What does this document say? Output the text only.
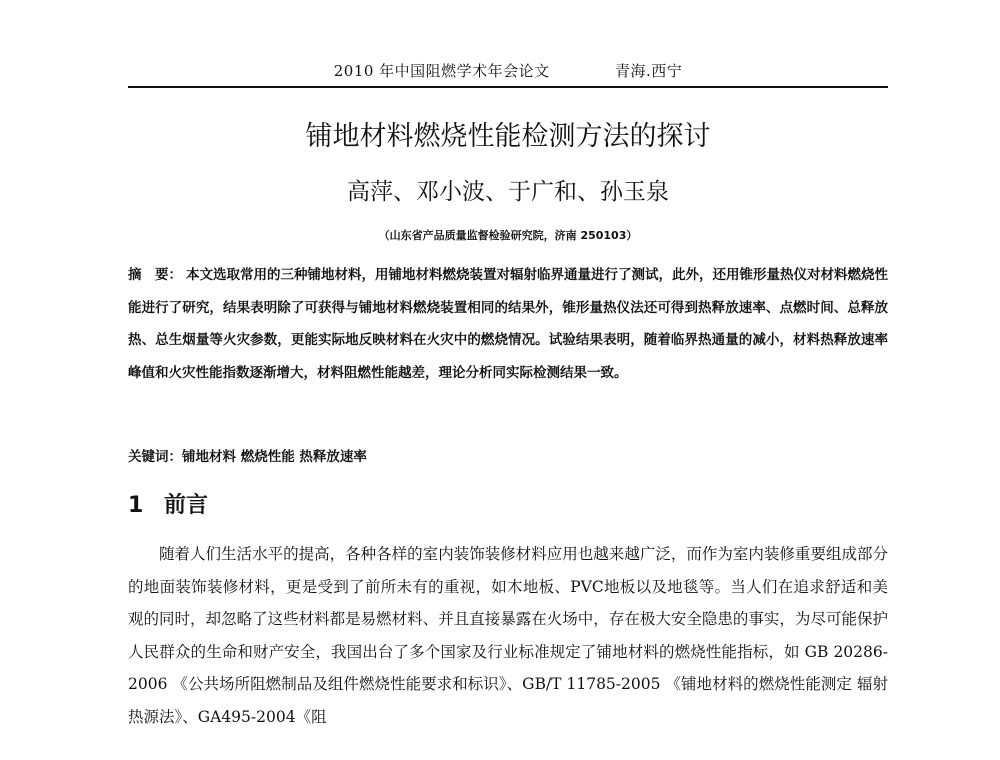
2010 年中国阻燃学术年会论文	青海.西宁
铺地材料燃烧性能检测方法的探讨
高萍、邓小波、于广和、孙玉泉
（山东省产品质量监督检验研究院，济南 250103）

摘　要： 本文选取常用的三种铺地材料，用铺地材料燃烧装置对辐射临界通量进行了测试，此外，还用锥形量热仪对材料燃烧性能进行了研究，结果表明除了可获得与铺地材料燃烧装置相同的结果外，锥形量热仪法还可得到热释放速率、点燃时间、总释放热、总生烟量等火灾参数，更能实际地反映材料在火灾中的燃烧情况。试验结果表明，随着临界热通量的减小，材料热释放速率峰值和火灾性能指数逐渐增大，材料阻燃性能越差，理论分析同实际检测结果一致。

关键词：铺地材料 燃烧性能 热释放速率

1 前言

随着人们生活水平的提高，各种各样的室内装饰装修材料应用也越来越广泛，而作为室内装修重要组成部分的地面装饰装修材料，更是受到了前所未有的重视，如木地板、PVC地板以及地毯等。当人们在追求舒适和美观的同时，却忽略了这些材料都是易燃材料、并且直接暴露在火场中，存在极大安全隐患的事实，为尽可能保护人民群众的生命和财产安全，我国出台了多个国家及行业标准规定了铺地材料的燃烧性能指标，如 GB 20286-2006 《公共场所阻燃制品及组件燃烧性能要求和标识》、GB/T 11785-2005 《铺地材料的燃烧性能测定 辐射热源法》、GA495-2004《阻
